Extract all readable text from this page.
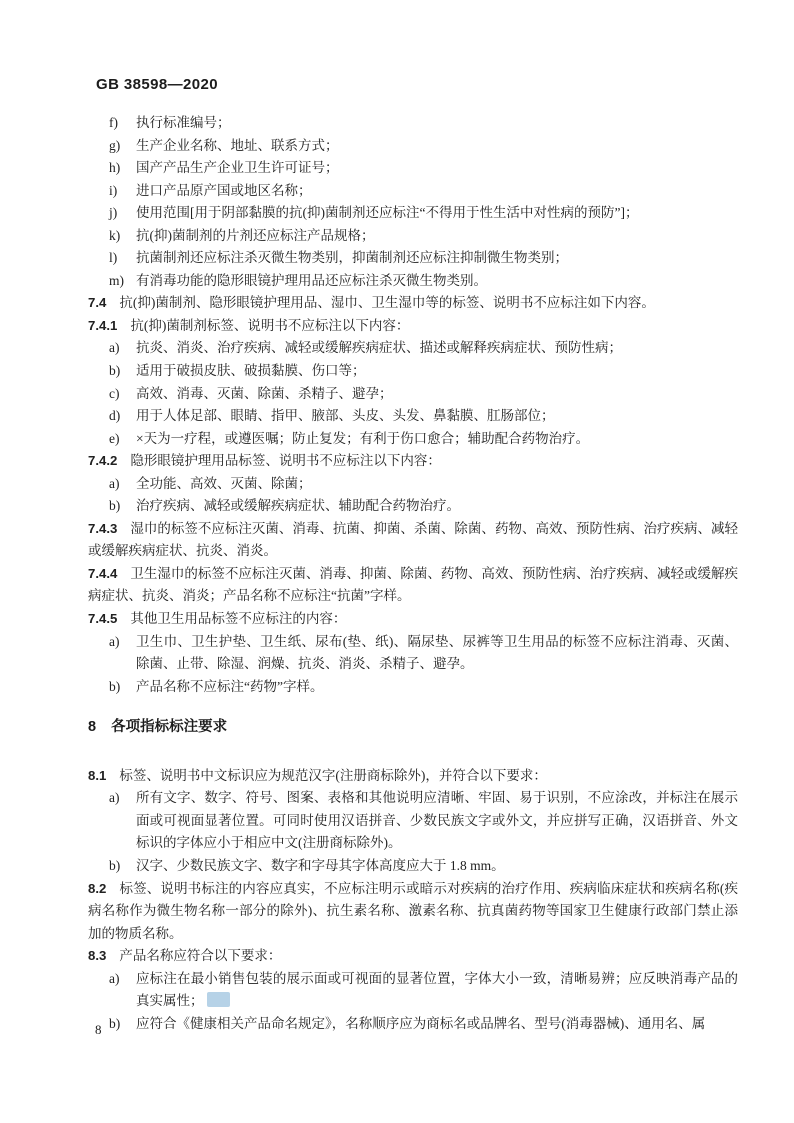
GB 38598—2020

f) 执行标准编号；

g) 生产企业名称、地址、联系方式；

h) 国产产品生产企业卫生许可证号；

i) 进口产品原产国或地区名称；

j) 使用范围[用于阴部黏膜的抗(抑)菌制剂还应标注“不得用于性生活中对性病的预防”]；

k) 抗(抑)菌制剂的片剂还应标注产品规格；

l) 抗菌制剂还应标注杀灭微生物类别，抑菌制剂还应标注抑制微生物类别；

m) 有消毒功能的隐形眼镜护理用品还应标注杀灭微生物类别。

7.4 抗(抑)菌制剂、隐形眼镜护理用品、湿巾、卫生湿巾等的标签、说明书不应标注如下内容。

7.4.1 抗(抑)菌制剂标签、说明书不应标注以下内容：

a) 抗炎、消炎、治疗疾病、减轻或缓解疾病症状、描述或解释疾病症状、预防性病；

b) 适用于破损皮肤、破损黏膜、伤口等；

c) 高效、消毒、灭菌、除菌、杀精子、避孕；

d) 用于人体足部、眼睛、指甲、腋部、头皮、头发、鼻黏膜、肛肠部位；

e) ×天为一疗程，或遵医嘱；防止复发；有利于伤口愈合；辅助配合药物治疗。

7.4.2 隐形眼镜护理用品标签、说明书不应标注以下内容：

a) 全功能、高效、灭菌、除菌；

b) 治疗疾病、减轻或缓解疾病症状、辅助配合药物治疗。

7.4.3 湿巾的标签不应标注灭菌、消毒、抗菌、抑菌、杀菌、除菌、药物、高效、预防性病、治疗疾病、减轻或缓解疾病症状、抗炎、消炎。

7.4.4 卫生湿巾的标签不应标注灭菌、消毒、抑菌、除菌、药物、高效、预防性病、治疗疾病、减轻或缓解疾病症状、抗炎、消炎；产品名称不应标注“抗菌”字样。

7.4.5 其他卫生用品标签不应标注的内容：

a) 卫生巾、卫生护垫、卫生纸、尿布(垫、纸)、隔尿垫、尿裤等卫生用品的标签不应标注消毒、灭菌、除菌、止带、除湿、润燥、抗炎、消炎、杀精子、避孕。

b) 产品名称不应标注“药物”字样。

8 各项指标标注要求

8.1 标签、说明书中文标识应为规范汉字(注册商标除外)，并符合以下要求：

a) 所有文字、数字、符号、图案、表格和其他说明应清晰、牢固、易于识别，不应涂改，并标注在展示面或可视面显著位置。可同时使用汉语拼音、少数民族文字或外文，并应拼写正确，汉语拼音、外文标识的字体应小于相应中文(注册商标除外)。

b) 汉字、少数民族文字、数字和字母其字体高度应大于 1.8 mm。

8.2 标签、说明书标注的内容应真实，不应标注明示或暗示对疾病的治疗作用、疾病临床症状和疾病名称(疾病名称作为微生物名称一部分的除外)、抗生素名称、激素名称、抗真菌药物等国家卫生健康行政部门禁止添加的物质名称。

8.3 产品名称应符合以下要求：

a) 应标注在最小销售包装的展示面或可视面的显著位置，字体大小一致，清晰易辨；应反映消毒产品的真实属性；

b) 应符合《健康相关产品命名规定》，名称顺序应为商标名或品牌名、型号(消毒器械)、通用名、属

8
